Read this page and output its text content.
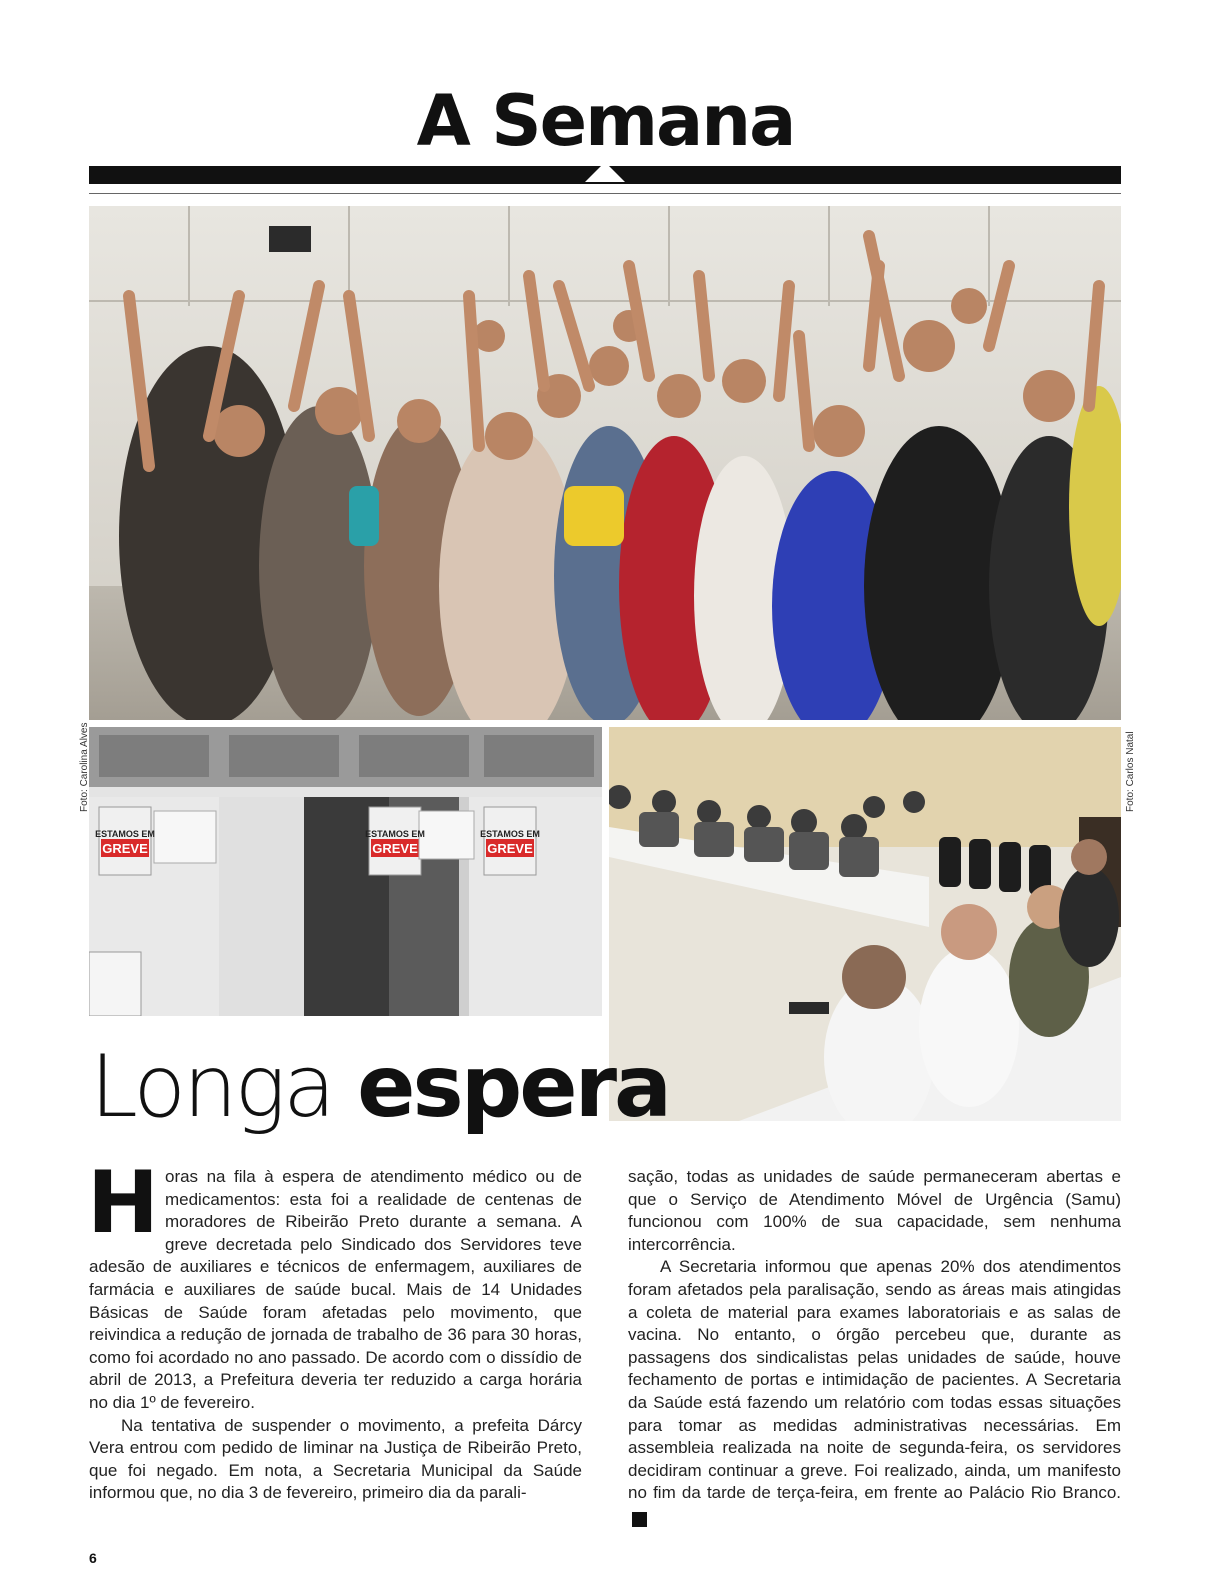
A Semana
ESTAMOS EM
GREVE
ESTAMOS EM
GREVE
ESTAMOS EM
GREVE
Foto: Carolina Alves	Foto: Carlos Natal
Longa espera

Horas na fila à espera de atendimento médico ou de medicamentos: esta foi a realidade de centenas de moradores de Ribeirão Preto durante a semana. A greve decretada pelo Sindicado dos Servidores teve adesão de auxiliares e técnicos de enfermagem, auxiliares de farmácia e auxiliares de saúde bucal. Mais de 14 Unidades Básicas de Saúde foram afetadas pelo movimento, que reivindica a redução de jornada de trabalho de 36 para 30 horas, como foi acordado no ano passado. De acordo com o dissídio de abril de 2013, a Prefeitura deveria ter reduzido a carga horária no dia 1º de fevereiro.

Na tentativa de suspender o movimento, a prefeita Dárcy Vera entrou com pedido de liminar na Justiça de Ribeirão Preto, que foi negado. Em nota, a Secretaria Municipal da Saúde informou que, no dia 3 de fevereiro, primeiro dia da parali-

sação, todas as unidades de saúde permaneceram abertas e que o Serviço de Atendimento Móvel de Urgência (Samu) funcionou com 100% de sua capacidade, sem nenhuma intercorrência.

A Secretaria informou que apenas 20% dos atendimentos foram afetados pela paralisação, sendo as áreas mais atingidas a coleta de material para exames laboratoriais e as salas de vacina. No entanto, o órgão percebeu que, durante as passagens dos sindicalistas pelas unidades de saúde, houve fechamento de portas e intimidação de pacientes. A Secretaria da Saúde está fazendo um relatório com todas essas situações para tomar as medidas administrativas necessárias. Em assembleia realizada na noite de segunda-feira, os servidores decidiram continuar a greve. Foi realizado, ainda, um manifesto no fim da tarde de terça-feira, em frente ao Palácio Rio Branco.r

6
